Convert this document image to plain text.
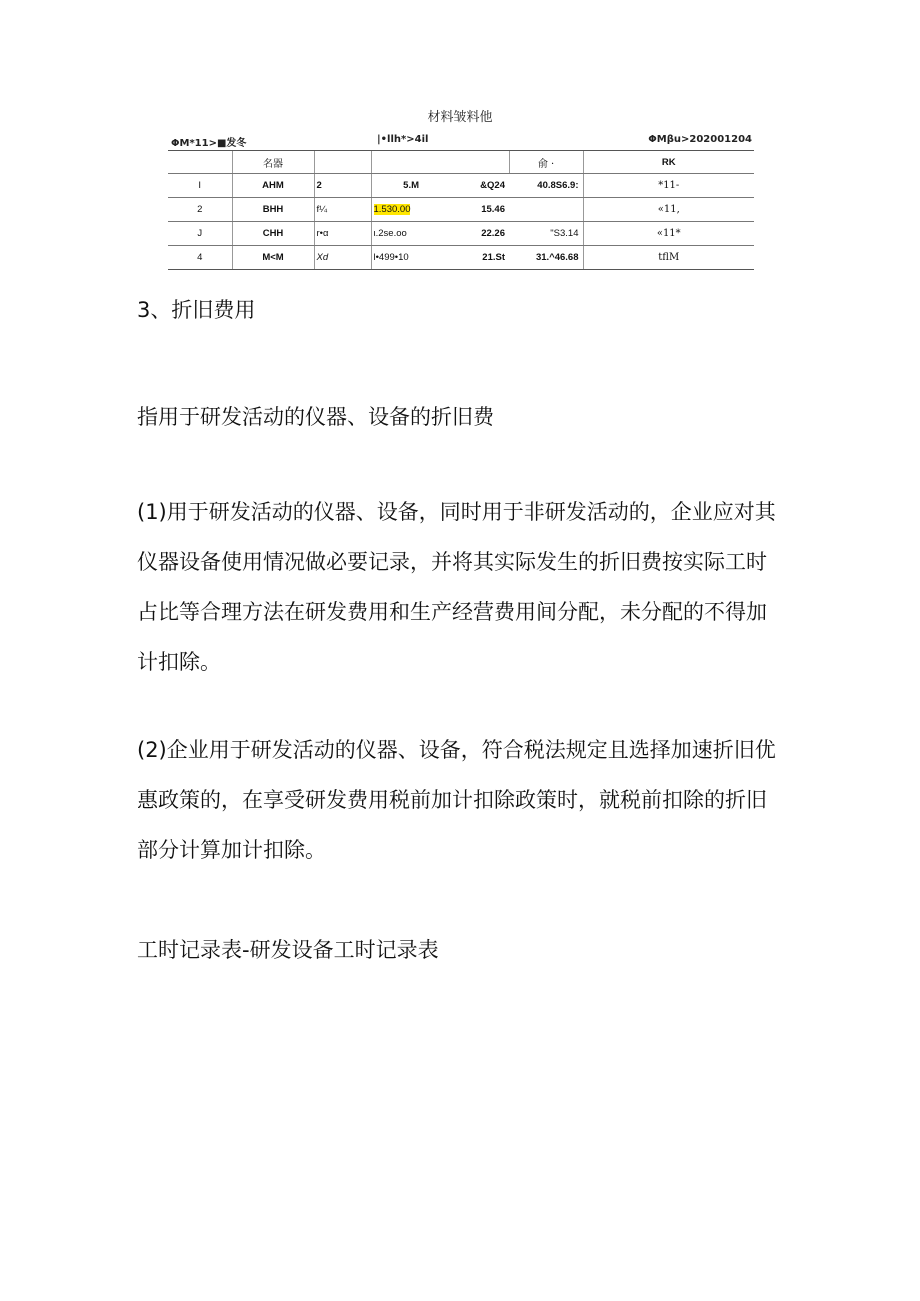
材料皱料他
ΦM*11>■发冬	|•llh*>4il	ΦMβu>202001204
	名器				俞 ·	RK
I	AHM	2	5.M	&Q24	40.8S6.9:	*11-
2	BHH	f¼	1.530.00	15.46		«11,
J	CHH	r•α	ι.2se.oo	22.26	"S3.14	«11*
4	M<M	Xd	l•499•10	21.St	31.^46.68	tflM

3、折旧费用

指用于研发活动的仪器、设备的折旧费

(1)用于研发活动的仪器、设备，同时用于非研发活动的，企业应对其仪器设备使用情况做必要记录，并将其实际发生的折旧费按实际工时占比等合理方法在研发费用和生产经营费用间分配，未分配的不得加计扣除。

(2)企业用于研发活动的仪器、设备，符合税法规定且选择加速折旧优惠政策的，在享受研发费用税前加计扣除政策时，就税前扣除的折旧部分计算加计扣除。

工时记录表-研发设备工时记录表
